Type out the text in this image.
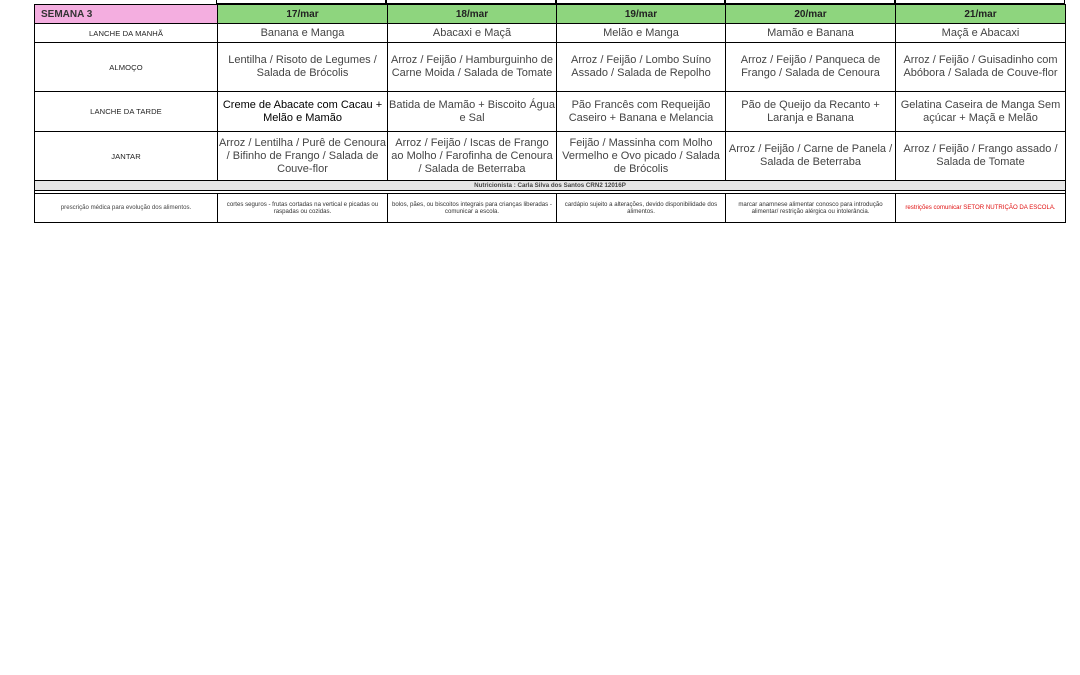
SEMANA 3	17/mar	18/mar	19/mar	20/mar	21/mar
LANCHE DA MANHÃ	Banana e Manga	Abacaxi e Maçã	Melão e Manga	Mamão e Banana	Maçã e Abacaxi
ALMOÇO	Lentilha / Risoto de Legumes / Salada de Brócolis	Arroz / Feijão / Hamburguinho de Carne Moida / Salada de Tomate	Arroz / Feijão / Lombo Suíno Assado / Salada de Repolho	Arroz / Feijão / Panqueca de Frango / Salada de Cenoura	Arroz / Feijão / Guisadinho com Abóbora / Salada de Couve-flor
LANCHE DA TARDE	Creme de Abacate com Cacau + Melão e Mamão	Batida de Mamão + Biscoito Água e Sal	Pão Francês com Requeijão Caseiro + Banana e Melancia	Pão de Queijo da Recanto + Laranja e Banana	Gelatina Caseira de Manga Sem açúcar + Maçã e Melão
JANTAR	Arroz / Lentilha / Purê de Cenoura / Bifinho de Frango / Salada de Couve-flor	Arroz / Feijão / Iscas de Frango ao Molho / Farofinha de Cenoura / Salada de Beterraba	Feijão / Massinha com Molho Vermelho e Ovo picado / Salada de Brócolis	Arroz / Feijão / Carne de Panela / Salada de Beterraba	Arroz / Feijão / Frango assado / Salada de Tomate
Nutricionista : Carla Silva dos Santos CRN2 12016P					

prescrição médica para evolução dos alimentos.	cortes seguros - frutas cortadas na vertical e picadas ou raspadas ou cozidas.	bolos, pães, ou biscoitos integrais para crianças liberadas - comunicar a escola.	cardápio sujeito a alterações, devido disponibilidade dos alimentos.	marcar anamnese alimentar conosco para introdução alimentar/ restrição alérgica ou intolerância.	restrições comunicar SETOR NUTRIÇÃO DA ESCOLA.
